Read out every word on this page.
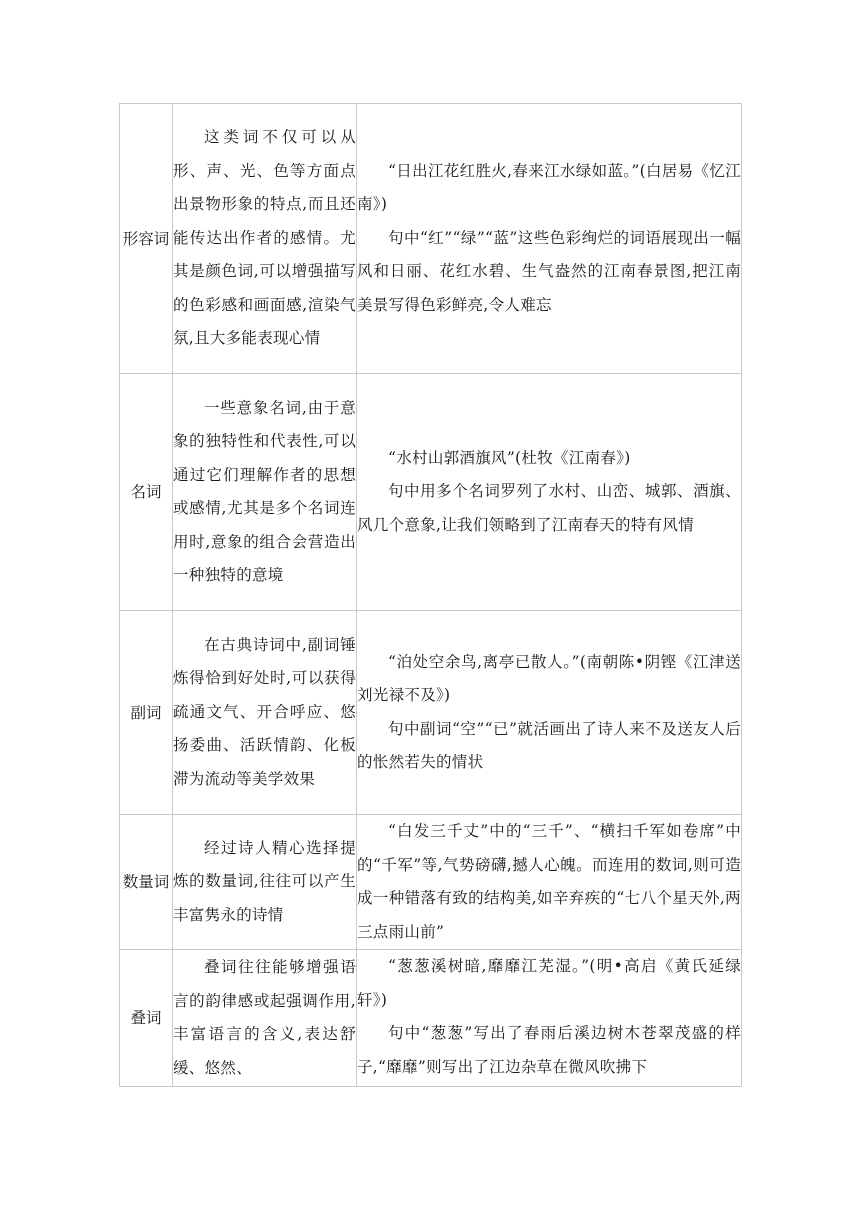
形容词	这类词不仅可以从形、声、光、色等方面点出景物形象的特点,而且还能传达出作者的感情。尤其是颜色词,可以增强描写的色彩感和画面感,渲染气氛,且大多能表现心情	“日出江花红胜火,春来江水绿如蓝。”(白居易《忆江南》)

句中“红”“绿”“蓝”这些色彩绚烂的词语展现出一幅风和日丽、花红水碧、生气盎然的江南春景图,把江南美景写得色彩鲜亮,令人难忘

名词	一些意象名词,由于意象的独特性和代表性,可以通过它们理解作者的思想或感情,尤其是多个名词连用时,意象的组合会营造出一种独特的意境	“水村山郭酒旗风”(杜牧《江南春》)

句中用多个名词罗列了水村、山峦、城郭、酒旗、风几个意象,让我们领略到了江南春天的特有风情

副词	在古典诗词中,副词锤炼得恰到好处时,可以获得疏通文气、开合呼应、悠扬委曲、活跃情韵、化板滞为流动等美学效果	“泊处空余鸟,离亭已散人。”(南朝陈•阴铿《江津送刘光禄不及》)

句中副词“空”“已”就活画出了诗人来不及送友人后的怅然若失的情状

数量词	经过诗人精心选择提炼的数量词,往往可以产生丰富隽永的诗情	“白发三千丈”中的“三千”、“横扫千军如卷席”中的“千军”等,气势磅礴,撼人心魄。而连用的数词,则可造成一种错落有致的结构美,如辛弃疾的“七八个星天外,两三点雨山前”

叠词	叠词往往能够增强语言的韵律感或起强调作用,丰富语言的含义,表达舒缓、悠然、	“葱葱溪树暗,靡靡江芜湿。”(明•高启《黄氏延绿轩》)

句中“葱葱”写出了春雨后溪边树木苍翠茂盛的样子,“靡靡”则写出了江边杂草在微风吹拂下
